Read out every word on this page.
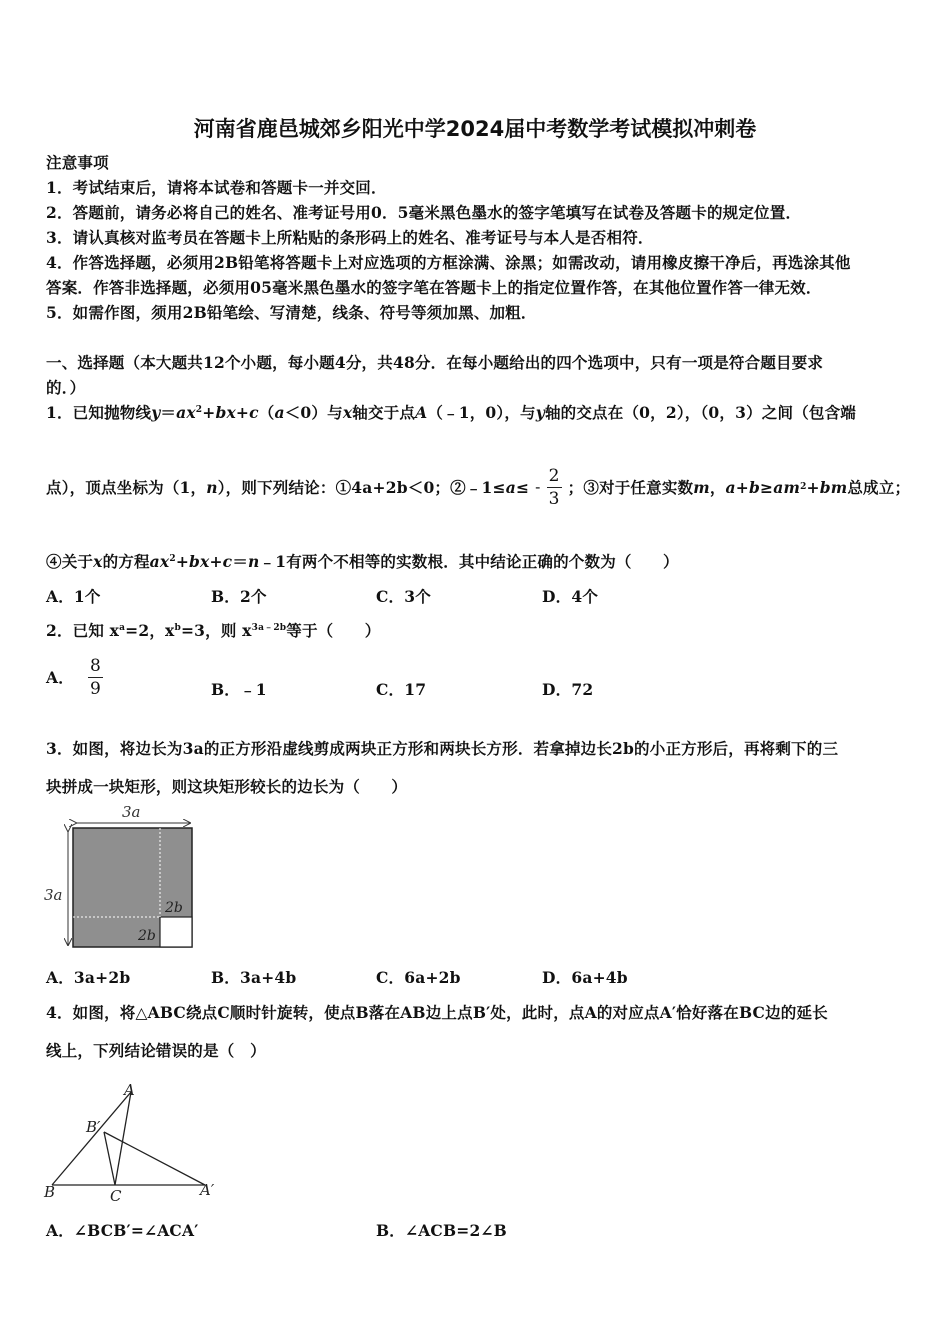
河南省鹿邑城郊乡阳光中学2024届中考数学考试模拟冲刺卷
注意事项
1．考试结束后，请将本试卷和答题卡一并交回．
2．答题前，请务必将自己的姓名、准考证号用0．5毫米黑色墨水的签字笔填写在试卷及答题卡的规定位置．
3．请认真核对监考员在答题卡上所粘贴的条形码上的姓名、准考证号与本人是否相符．
4．作答选择题，必须用2B铅笔将答题卡上对应选项的方框涂满、涂黑；如需改动，请用橡皮擦干净后，再选涂其他
答案．作答非选择题，必须用05毫米黑色墨水的签字笔在答题卡上的指定位置作答，在其他位置作答一律无效．
5．如需作图，须用2B铅笔绘、写清楚，线条、符号等须加黑、加粗．
一、选择题（本大题共12个小题，每小题4分，共48分．在每小题给出的四个选项中，只有一项是符合题目要求
的．）
1．已知抛物线$y=ax^2+bx+c(a<0)$与x轴交于点A（﹣1，0），与y轴的交点在（0，2），（0，3）之间（包含端
点），顶点坐标为（1， n ），则下列结论：① 4a+2b ＜0；②﹣1≤ a ≤ - $\frac{2}{3}$ ；③对于任意实数 m ， a+b ≥ am 2 +bm 总成立；
④关于x的方程$ax^2+bx+c=n﹣1$有两个不相等的实数根．其中结论正确的个数为（　　）
A．1个	B．2个	C．3个	D．4个
2．已知 $x^a=2$，$x^b=3$，则 $x^{3a﹣2b}$等于（　　）
A． $\frac{8}{9}$	B．﹣1	C．17	D．72
3．如图，将边长为3a的正方形沿虚线剪成两块正方形和两块长方形．若拿掉边长2b的小正方形后，再将剩下的三
块拼成一块矩形，则这块矩形较长的边长为（　　）
3a
3a
2b
2b
A．3a+2b	B．3a+4b	C．6a+2b	D．6a+4b
4．如图，将△ABC绕点C顺时针旋转，使点B落在AB边上点B′处，此时，点A的对应点A′恰好落在BC边的延长
线上，下列结论错误的是（　）
A
B′
B	C	A′
A．∠BCB′=∠ACA′	B．∠ACB=2∠B
